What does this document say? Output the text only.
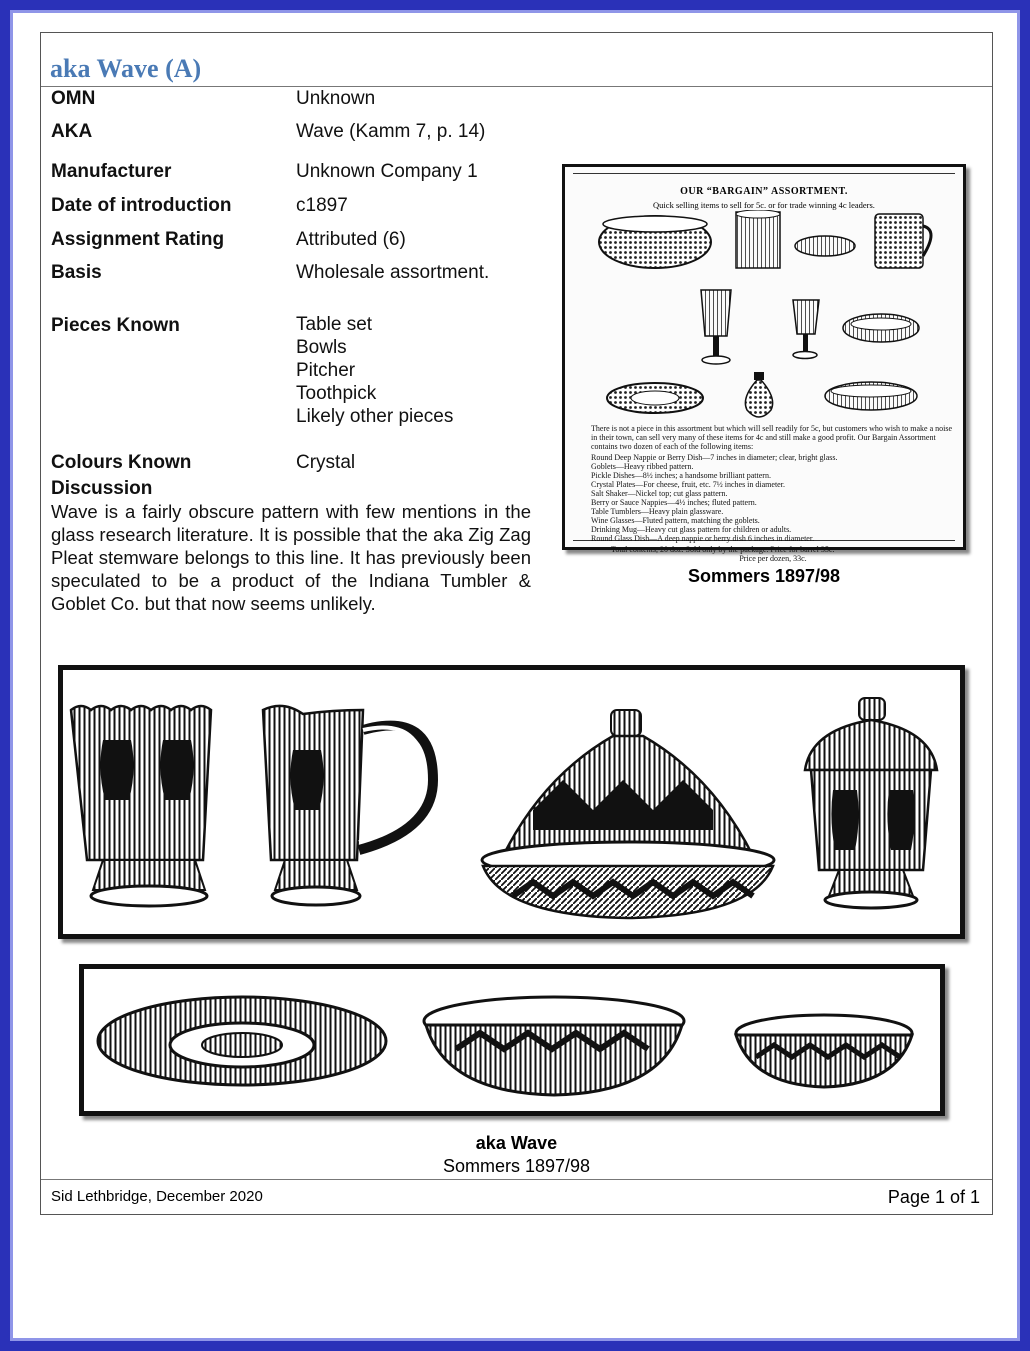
aka Wave (A)
OMN	Unknown
AKA	Wave (Kamm 7, p. 14)
Manufacturer	Unknown Company 1
Date of introduction	c1897
Assignment Rating	Attributed (6)
Basis	Wholesale assortment.
Pieces Known	Table set
Bowls
Pitcher
Toothpick
Likely other pieces
Colours Known	Crystal
Discussion
Wave is a fairly obscure pattern with few mentions in the glass research literature. It is possible that the aka Zig Zag Pleat stemware belongs to this line. It has previously been speculated to be a product of the Indiana Tumbler & Goblet Co. but that now seems unlikely.
OUR “BARGAIN” ASSORTMENT.
Quick selling items to sell for 5c. or for trade winning 4c leaders.

There is not a piece in this assortment but which will sell readily for 5c, but customers who wish to make a noise in their town, can sell very many of these items for 4c and still make a good profit. Our Bargain Assortment contains two dozen of each of the following items:

Round Deep Nappie or Berry Dish—7 inches in diameter; clear, bright glass.

Goblets—Heavy ribbed pattern.

Pickle Dishes—8½ inches; a handsome brilliant pattern.

Crystal Plates—For cheese, fruit, etc. 7½ inches in diameter.

Salt Shaker—Nickel top; cut glass pattern.

Berry or Sauce Nappies—4½ inches; fluted pattern.

Table Tumblers—Heavy plain glassware.

Wine Glasses—Fluted pattern, matching the goblets.

Drinking Mug—Heavy cut glass pattern for children or adults.

Round Glass Dish—A deep nappie or berry dish 6 inches in diameter.

Total contents, 20 doz. Sold only by the package. Price for barrel 35c.

Price per dozen, 33c.

Sommers 1897/98
aka Wave
Sommers 1897/98
Sid Lethbridge, December 2020	Page 1 of 1
